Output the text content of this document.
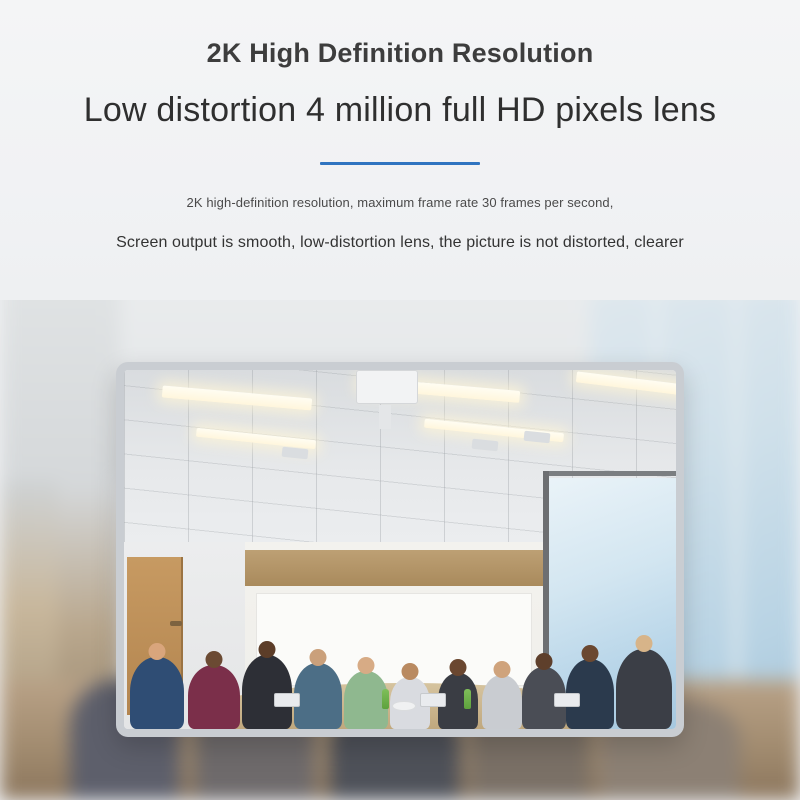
2K High Definition Resolution
Low distortion 4 million full HD pixels lens
2K high-definition resolution, maximum frame rate 30 frames per second,
Screen output is smooth, low-distortion lens, the picture is not distorted, clearer
